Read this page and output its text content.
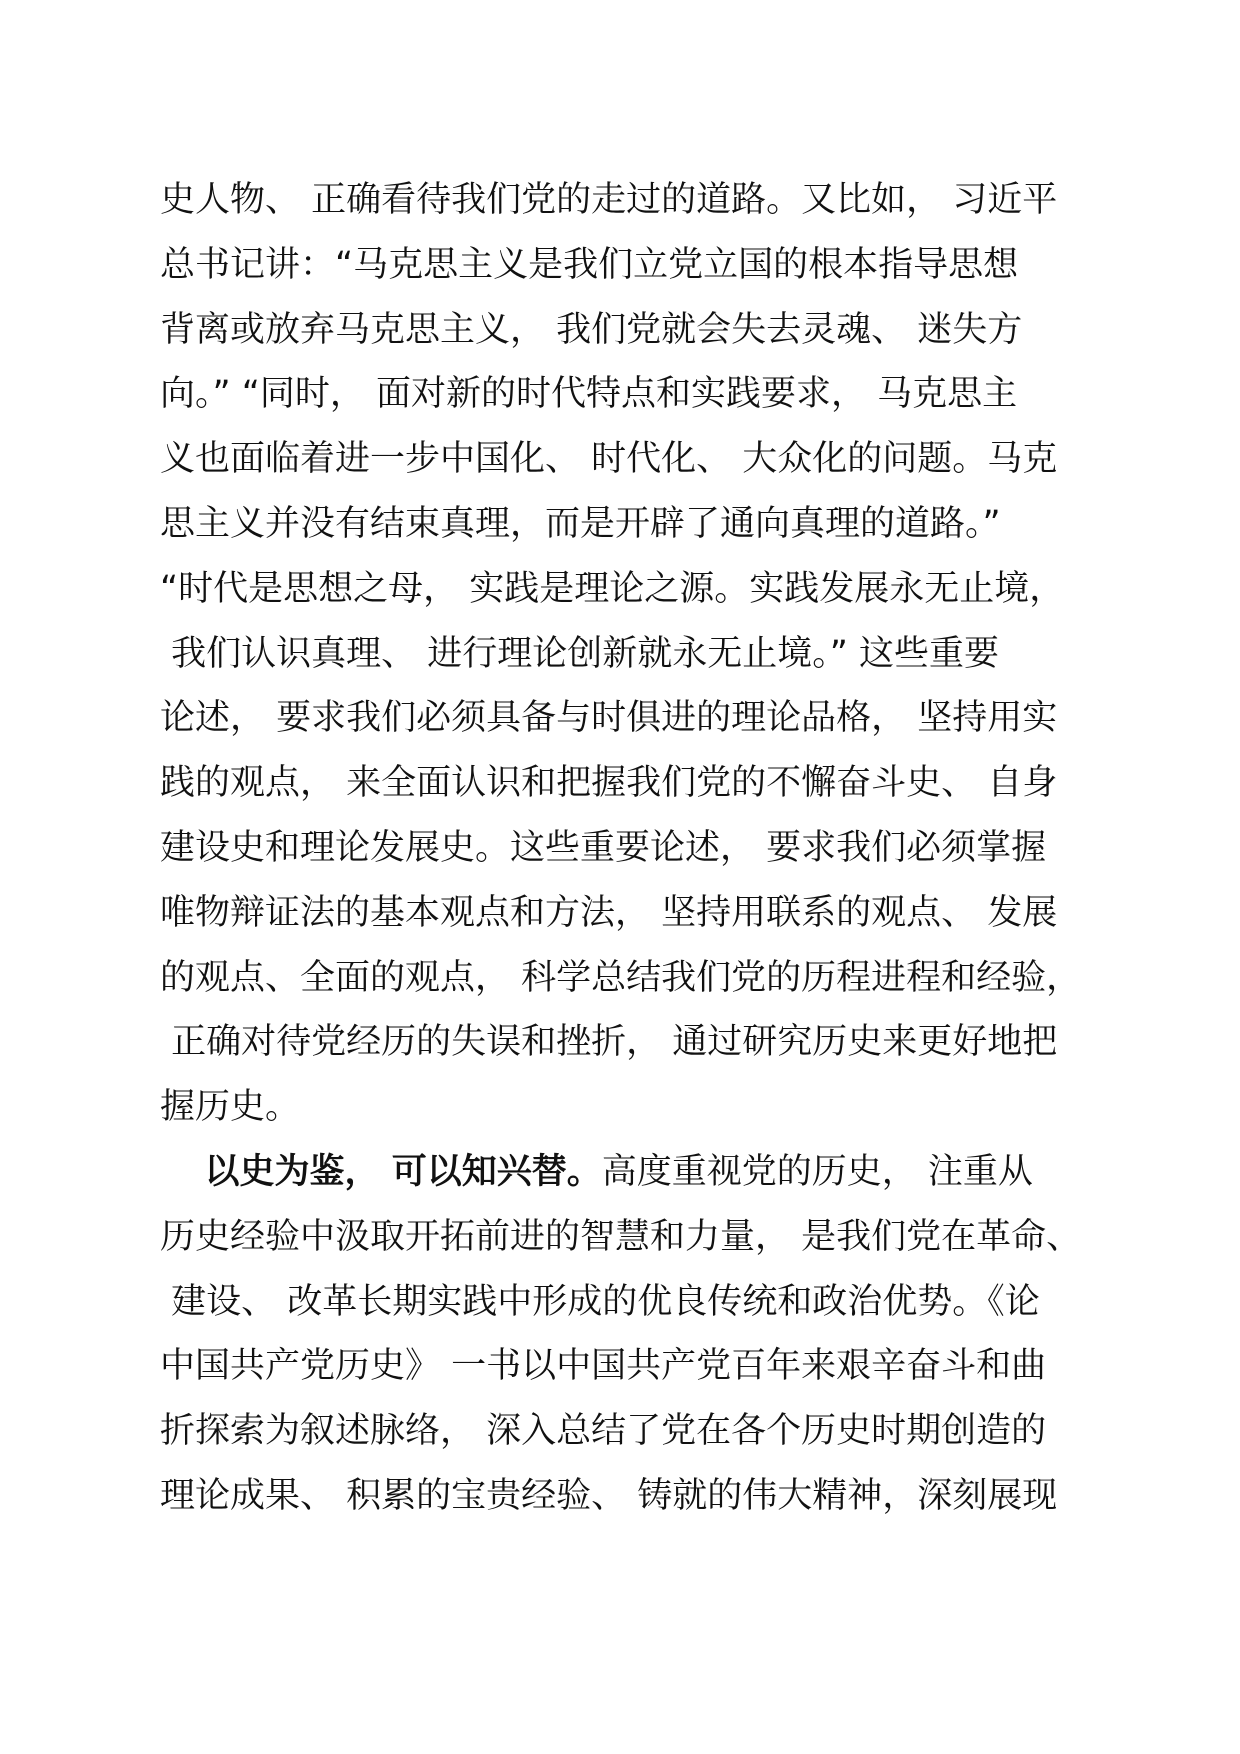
史人物、 正确看待我们党的走过的道路。又比如， 习近平
总书记讲：“马克思主义是我们立党立国的根本指导思想
背离或放弃马克思主义， 我们党就会失去灵魂、 迷失方
向。” “同时， 面对新的时代特点和实践要求， 马克思主
义也面临着进一步中国化、 时代化、 大众化的问题。马克
思主义并没有结束真理，而是开辟了通向真理的道路。”
“时代是思想之母， 实践是理论之源。实践发展永无止境，
我们认识真理、 进行理论创新就永无止境。” 这些重要
论述， 要求我们必须具备与时俱进的理论品格， 坚持用实
践的观点， 来全面认识和把握我们党的不懈奋斗史、 自身
建设史和理论发展史。这些重要论述， 要求我们必须掌握
唯物辩证法的基本观点和方法， 坚持用联系的观点、 发展
的观点、全面的观点， 科学总结我们党的历程进程和经验，
正确对待党经历的失误和挫折， 通过研究历史来更好地把
握历史。
以史为鉴， 可以知兴替。高度重视党的历史， 注重从
历史经验中汲取开拓前进的智慧和力量， 是我们党在革命、
建设、 改革长期实践中形成的优良传统和政治优势。《论
中国共产党历史》 一书以中国共产党百年来艰辛奋斗和曲
折探索为叙述脉络， 深入总结了党在各个历史时期创造的
理论成果、 积累的宝贵经验、 铸就的伟大精神，深刻展现
